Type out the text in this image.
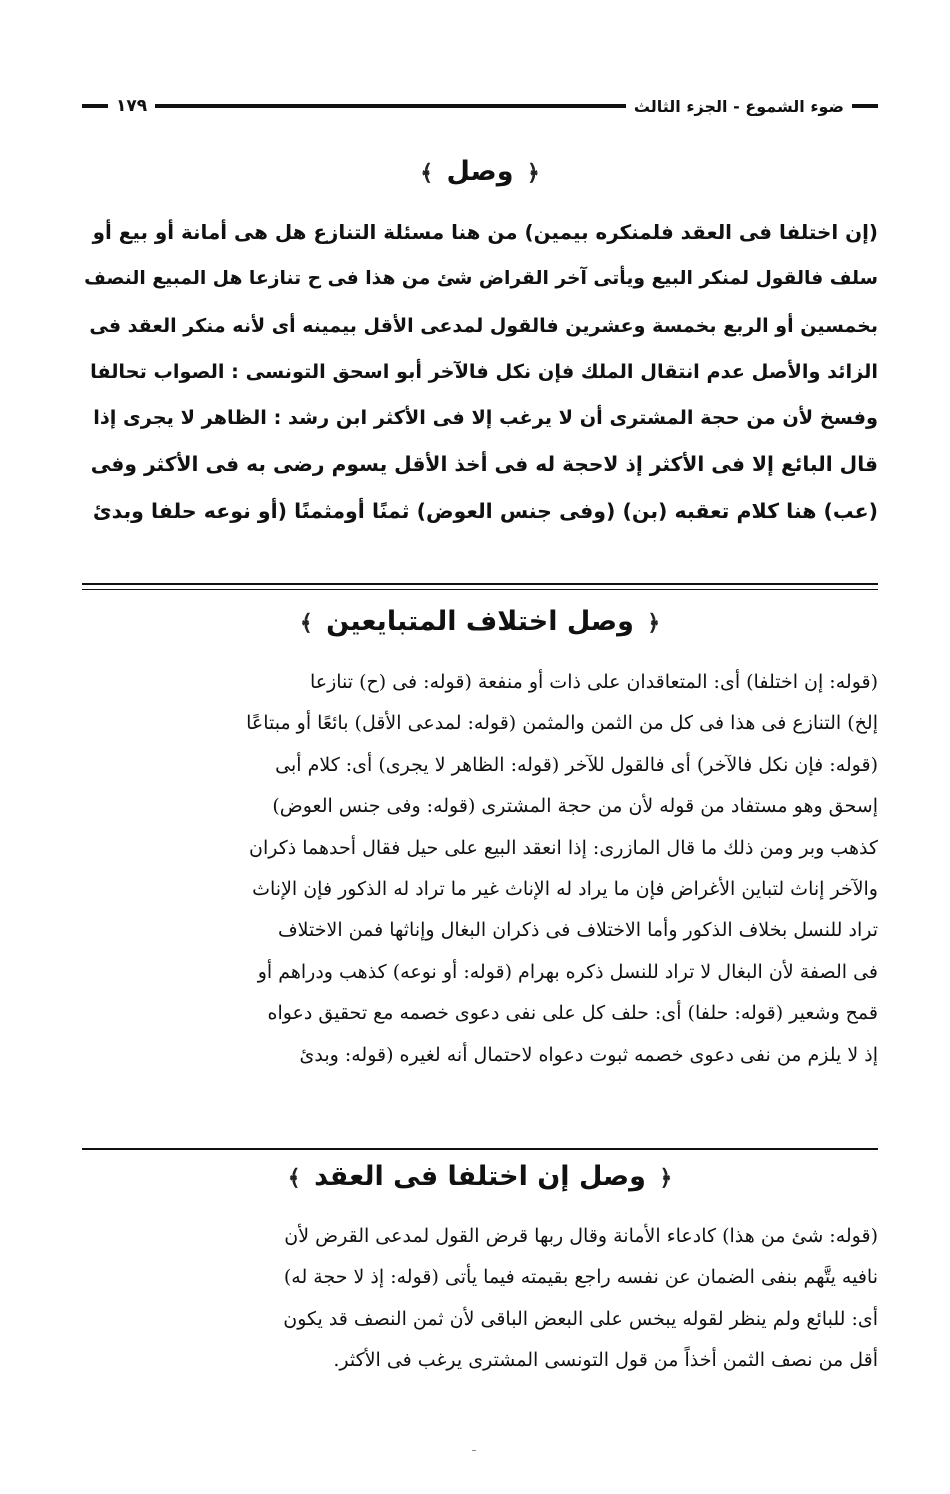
ضوء الشموع - الجزء الثالث
١٧٩
﴿ وصل ﴾
(إن اختلفا فى العقد فلمنكره بيمين) من هنا مسئلة التنازع هل هى أمانة أو بيع أو
سلف فالقول لمنكر البيع ويأتى آخر القراض شئ من هذا فى ح تنازعا هل المبيع النصف
بخمسين أو الربع بخمسة وعشرين فالقول لمدعى الأقل بيمينه أى لأنه منكر العقد فى
الزائد والأصل عدم انتقال الملك فإن نكل فالآخر أبو اسحق التونسى : الصواب تحالفا
وفسخ لأن من حجة المشترى أن لا يرغب إلا فى الأكثر ابن رشد : الظاهر لا يجرى إذا
قال البائع إلا فى الأكثر إذ لاحجة له فى أخذ الأقل يسوم رضى به فى الأكثر وفى
(عب) هنا كلام تعقبه (بن) (وفى جنس العوض) ثمنًا أومثمنًا (أو نوعه حلفا وبدئ
﴿ وصل اختلاف المتبايعين ﴾
(قوله: إن اختلفا) أى: المتعاقدان على ذات أو منفعة (قوله: فى (ح) تنازعا
إلخ) التنازع فى هذا فى كل من الثمن والمثمن (قوله: لمدعى الأقل) بائعًا أو مبتاعًا
(قوله: فإن نكل فالآخر) أى فالقول للآخر (قوله: الظاهر لا يجرى) أى: كلام أبى
إسحق وهو مستفاد من قوله لأن من حجة المشترى (قوله: وفى جنس العوض)
كذهب وبر ومن ذلك ما قال المازرى: إذا انعقد البيع على حيل فقال أحدهما ذكران
والآخر إناث لتباين الأغراض فإن ما يراد له الإناث غير ما تراد له الذكور فإن الإناث
تراد للنسل بخلاف الذكور وأما الاختلاف فى ذكران البغال وإناثها فمن الاختلاف
فى الصفة لأن البغال لا تراد للنسل ذكره بهرام (قوله: أو نوعه) كذهب ودراهم أو
قمح وشعير (قوله: حلفا) أى: حلف كل على نفى دعوى خصمه مع تحقيق دعواه
إذ لا يلزم من نفى دعوى خصمه ثبوت دعواه لاحتمال أنه لغيره (قوله: وبدئ
﴿ وصل إن اختلفا فى العقد ﴾
(قوله: شئ من هذا) كادعاء الأمانة وقال ربها قرض القول لمدعى القرض لأن
نافيه يتَّهم بنفى الضمان عن نفسه راجع بقيمته فيما يأتى (قوله: إذ لا حجة له)
أى: للبائع ولم ينظر لقوله يبخس على البعض الباقى لأن ثمن النصف قد يكون
أقل من نصف الثمن أخذاً من قول التونسى المشترى يرغب فى الأكثر.
